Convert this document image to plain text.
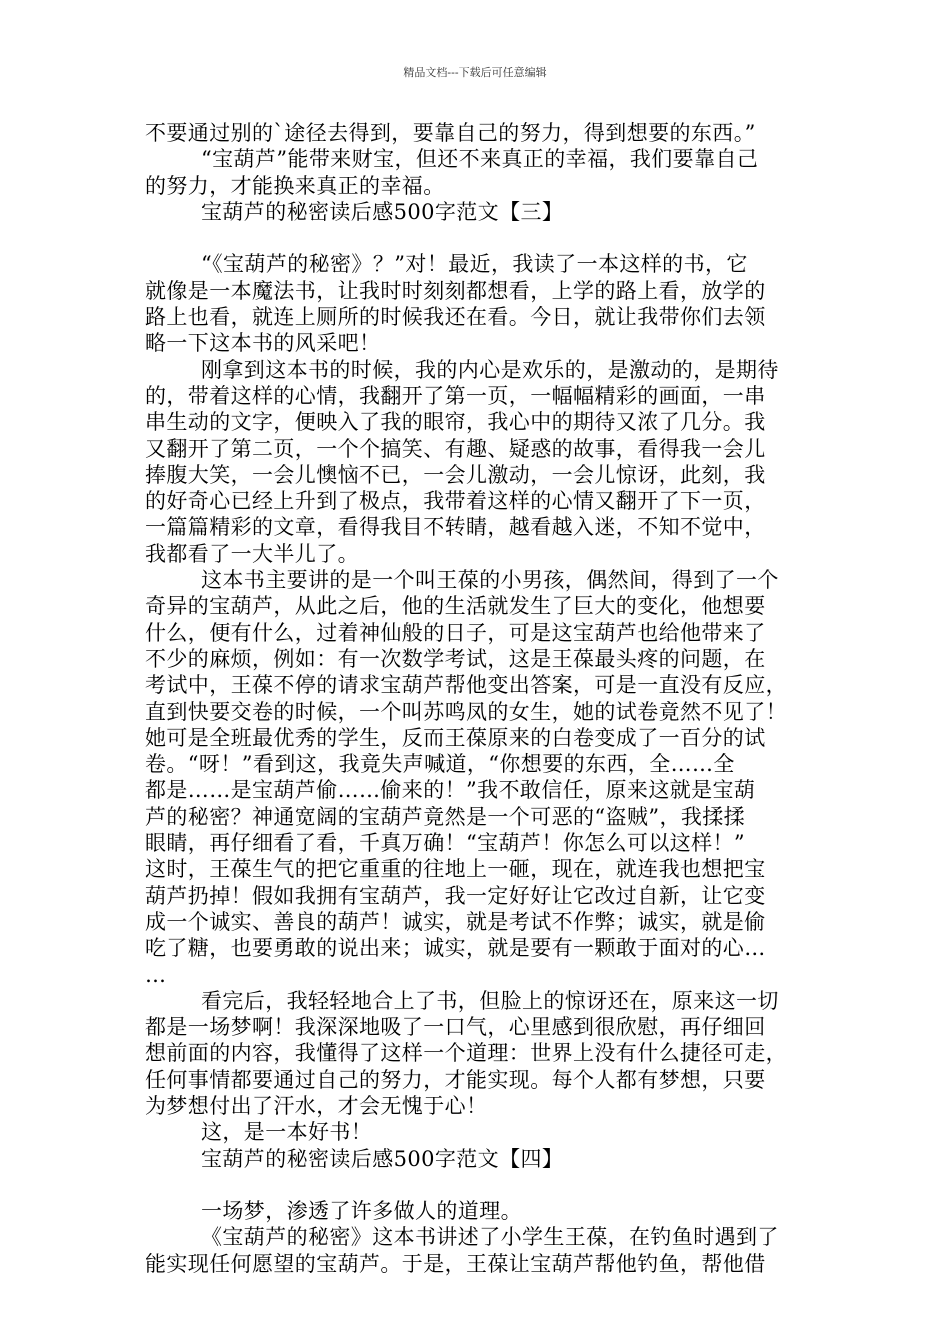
精品文档---下载后可任意编辑
不要通过别的`途径去得到，要靠自己的努力，得到想要的东西。”
“宝葫芦”能带来财宝，但还不来真正的幸福，我们要靠自己
的努力，才能换来真正的幸福。
宝葫芦的秘密读后感500字范文【三】
“《宝葫芦的秘密》？”对！最近，我读了一本这样的书，它
就像是一本魔法书，让我时时刻刻都想看，上学的路上看，放学的
路上也看，就连上厕所的时候我还在看。今日，就让我带你们去领
略一下这本书的风采吧！
刚拿到这本书的时候，我的内心是欢乐的，是激动的，是期待
的，带着这样的心情，我翻开了第一页，一幅幅精彩的画面，一串
串生动的文字，便映入了我的眼帘，我心中的期待又浓了几分。我
又翻开了第二页，一个个搞笑、有趣、疑惑的故事，看得我一会儿
捧腹大笑，一会儿懊恼不已，一会儿激动，一会儿惊讶，此刻，我
的好奇心已经上升到了极点，我带着这样的心情又翻开了下一页，
一篇篇精彩的文章，看得我目不转睛，越看越入迷，不知不觉中，
我都看了一大半儿了。
这本书主要讲的是一个叫王葆的小男孩，偶然间，得到了一个
奇异的宝葫芦，从此之后，他的生活就发生了巨大的变化，他想要
什么，便有什么，过着神仙般的日子，可是这宝葫芦也给他带来了
不少的麻烦，例如：有一次数学考试，这是王葆最头疼的问题，在
考试中，王葆不停的请求宝葫芦帮他变出答案，可是一直没有反应，
直到快要交卷的时候，一个叫苏鸣凤的女生，她的试卷竟然不见了！
她可是全班最优秀的学生，反而王葆原来的白卷变成了一百分的试
卷。“呀！”看到这，我竟失声喊道，“你想要的东西，全……全
都是……是宝葫芦偷……偷来的！”我不敢信任，原来这就是宝葫
芦的秘密？神通宽阔的宝葫芦竟然是一个可恶的“盗贼”，我揉揉
眼睛，再仔细看了看，千真万确！“宝葫芦！你怎么可以这样！”
这时，王葆生气的把它重重的往地上一砸，现在，就连我也想把宝
葫芦扔掉！假如我拥有宝葫芦，我一定好好让它改过自新，让它变
成一个诚实、善良的葫芦！诚实，就是考试不作弊；诚实，就是偷
吃了糖，也要勇敢的说出来；诚实，就是要有一颗敢于面对的心…
…
看完后，我轻轻地合上了书，但脸上的惊讶还在，原来这一切
都是一场梦啊！我深深地吸了一口气，心里感到很欣慰，再仔细回
想前面的内容，我懂得了这样一个道理：世界上没有什么捷径可走，
任何事情都要通过自己的努力，才能实现。每个人都有梦想，只要
为梦想付出了汗水，才会无愧于心！
这，是一本好书！
宝葫芦的秘密读后感500字范文【四】
一场梦，渗透了许多做人的道理。
《宝葫芦的秘密》这本书讲述了小学生王葆，在钓鱼时遇到了
能实现任何愿望的宝葫芦。于是，王葆让宝葫芦帮他钓鱼，帮他借
